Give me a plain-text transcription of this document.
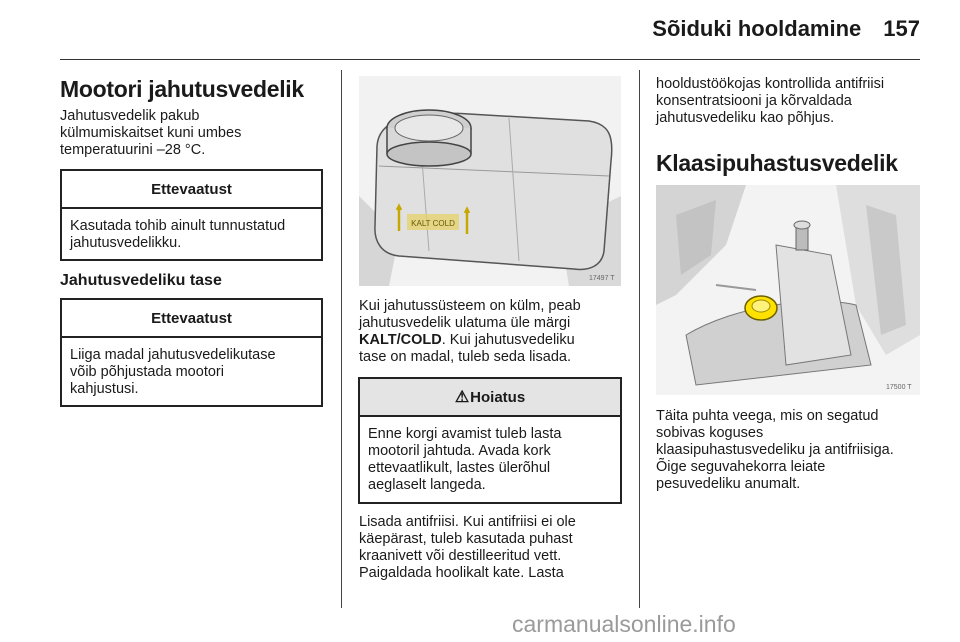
Sõiduki hooldamine 157
Mootori jahutusvedelik
Jahutusvedelik pakub
külmumiskaitset kuni umbes
temperatuurini –28 °C.
Ettevaatust
Kasutada tohib ainult tunnustatud
jahutusvedelikku.
Jahutusvedeliku tase
Ettevaatust
Liiga madal jahutusvedelikutase
võib põhjustada mootori
kahjustusi.
KALT COLD
17497 T
Kui jahutussüsteem on külm, peab
jahutusvedelik ulatuma üle märgi
KALT/COLD. Kui jahutusvedeliku
tase on madal, tuleb seda lisada.
⚠ Hoiatus
Enne korgi avamist tuleb lasta
mootoril jahtuda. Avada kork
ettevaatlikult, lastes ülerõhul
aeglaselt langeda.
Lisada antifriisi. Kui antifriisi ei ole
käepärast, tuleb kasutada puhast
kraanivett või destilleeritud vett.
Paigaldada hoolikalt kate. Lasta
hooldustöökojas kontrollida antifriisi
konsentratsiooni ja kõrvaldada
jahutusvedeliku kao põhjus.
Klaasipuhastusvedelik
17500 T
Täita puhta veega, mis on segatud
sobivas koguses
klaasipuhastusvedeliku ja antifriisiga.
Õige seguvahekorra leiate
pesuvedeliku anumalt.
carmanualsonline.info
